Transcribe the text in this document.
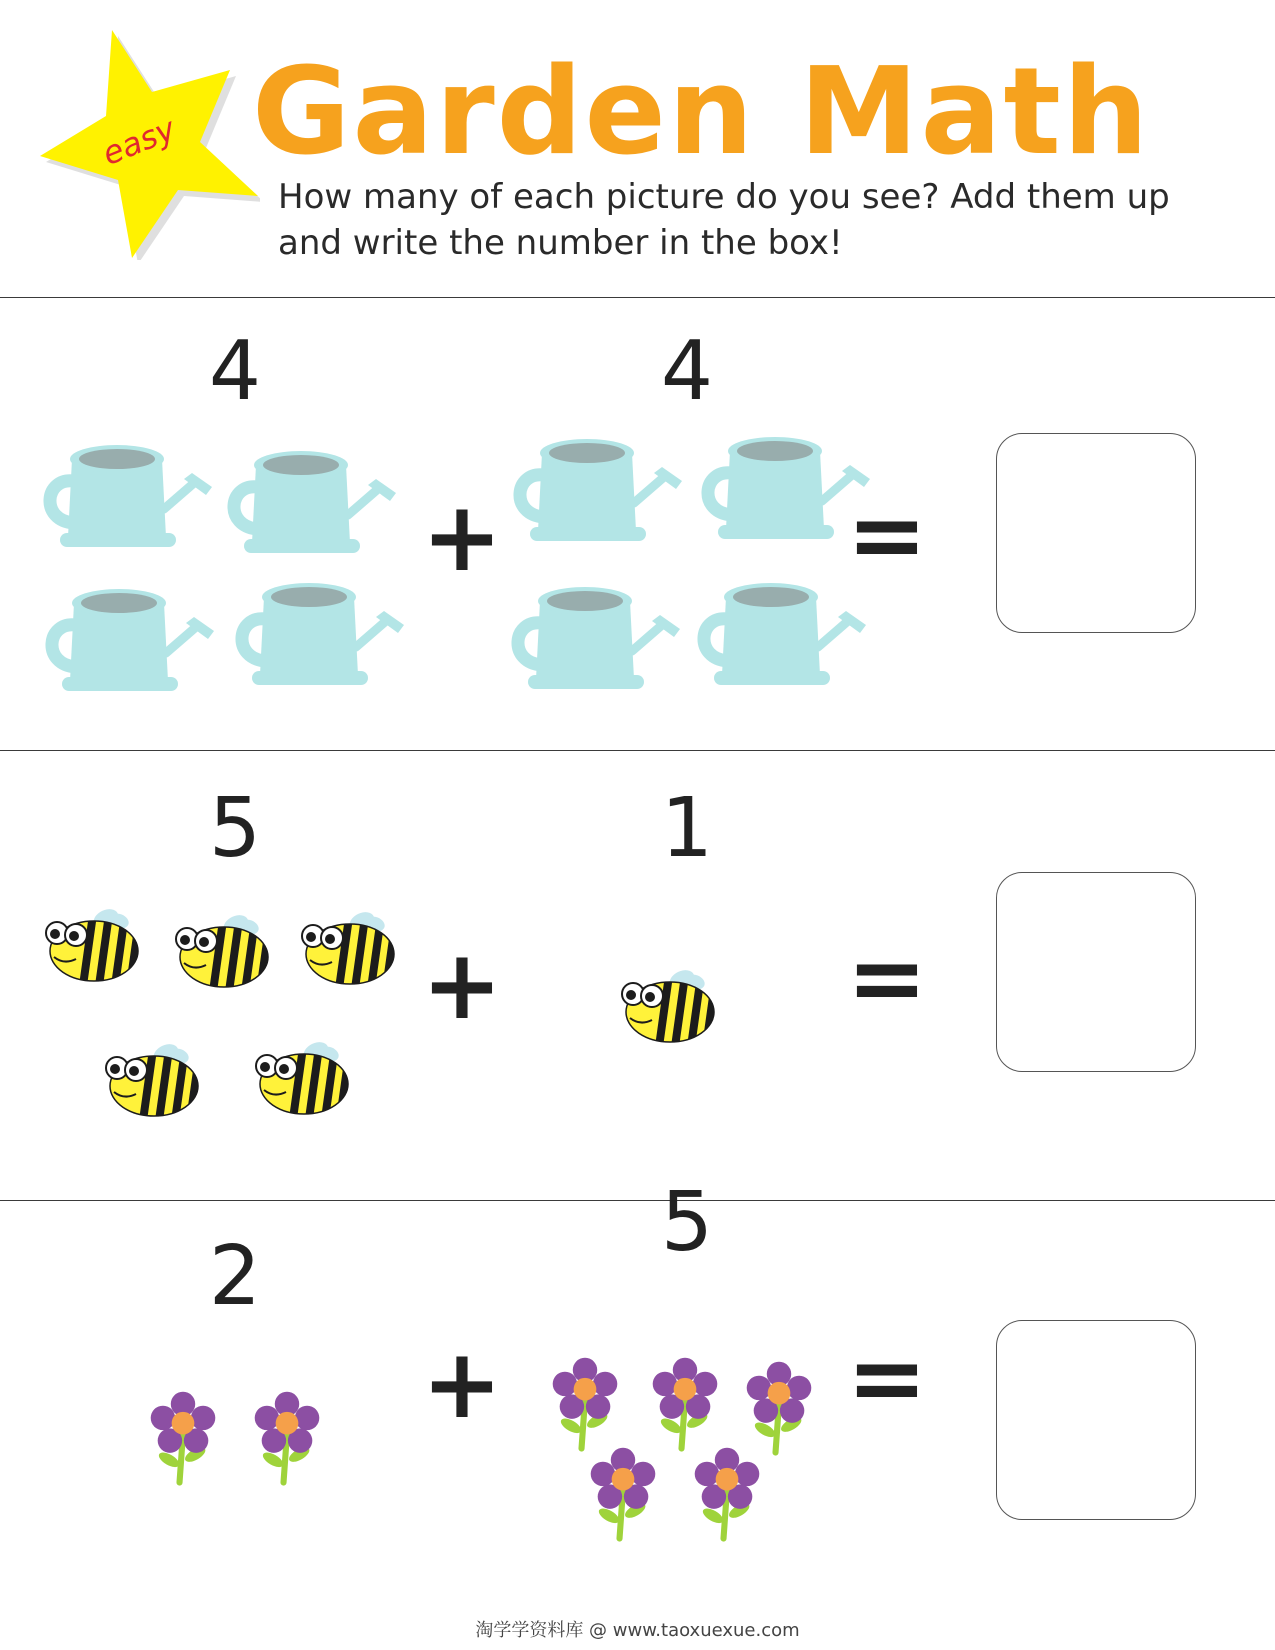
easy Garden Math

How many of each picture do you see? Add them up and write the number in the box!

4	4
+	=
5	1
+	=
2
5
+	=
淘学学资料库 @ www.taoxuexue.com
